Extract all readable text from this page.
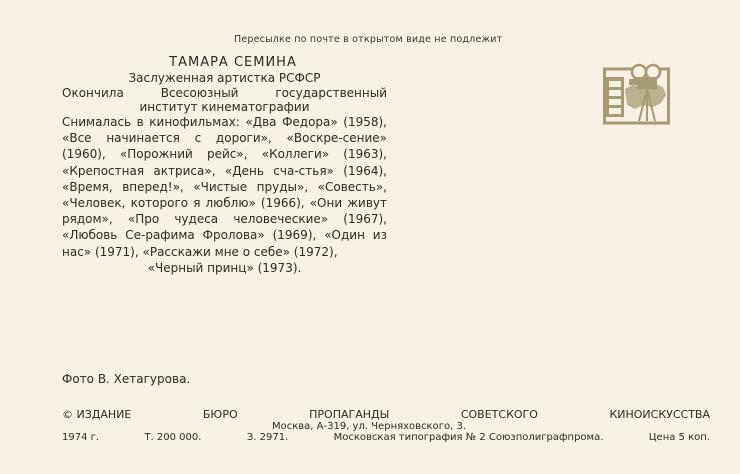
Пересылке по почте в открытом виде не подлежит
ТАМАРА СЕМИНА
Заслуженная артистка РСФСР
Окончила Всесоюзный государственный
институт кинематографии
Снималась в кинофильмах: «Два Федора» (1958), «Все начинается с дороги», «Воскре-сение» (1960), «Порожний рейс», «Коллеги» (1963), «Крепостная актриса», «День сча-стья» (1964), «Время, вперед!», «Чистые пруды», «Совесть», «Человек, которого я люблю» (1966), «Они живут рядом», «Про чудеса человеческие» (1967), «Любовь Се-рафима Фролова» (1969), «Один из нас» (1971), «Расскажи мне о себе» (1972),
«Черный принц» (1973).
Фото В. Хетагурова.
© ИЗДАНИЕ	БЮРО	ПРОПАГАНДЫ	СОВЕТСКОГО	КИНОИСКУССТВА
Москва, А-319, ул. Черняховского, 3.
1974 г.	Т. 200 000.	З. 2971.	Московская типография № 2 Союзполиграфпрома.	Цена 5 коп.
